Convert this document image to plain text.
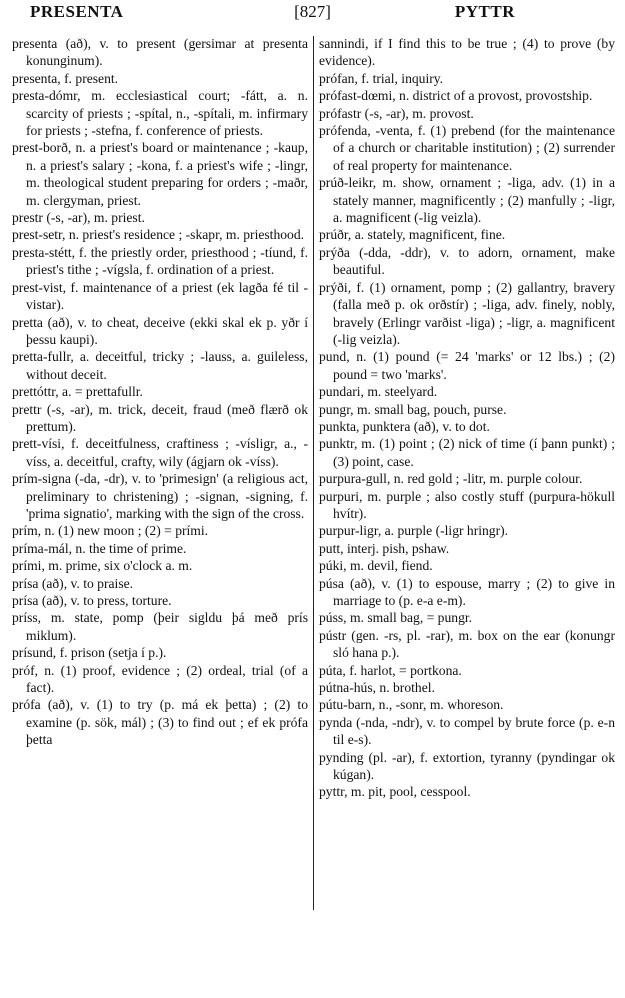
PRESENTA	[827]	PYTTR

presenta (að), v. to present (gersimar at presenta konunginum).

presenta, f. present.

presta-dómr, m. ecclesiastical court; -fátt, a. n. scarcity of priests ; -spítal, n., -spítali, m. infirmary for priests ; -stefna, f. conference of priests.

prest-borð, n. a priest's board or maintenance ; -kaup, n. a priest's salary ; -kona, f. a priest's wife ; -lingr, m. theological student preparing for orders ; -maðr, m. clergyman, priest.

prestr (-s, -ar), m. priest.

prest-setr, n. priest's residence ; -skapr, m. priesthood.

presta-stétt, f. the priestly order, priesthood ; -tíund, f. priest's tithe ; -vígsla, f. ordination of a priest.

prest-vist, f. maintenance of a priest (ek lagða fé til -vistar).

pretta (að), v. to cheat, deceive (ekki skal ek p. yðr í þessu kaupi).

pretta-fullr, a. deceitful, tricky ; -lauss, a. guileless, without deceit.

prettóttr, a. = prettafullr.

prettr (-s, -ar), m. trick, deceit, fraud (með flærð ok prettum).

prett-vísi, f. deceitfulness, craftiness ; -vísligr, a., -víss, a. deceitful, crafty, wily (ágjarn ok -víss).

prím-signa (-da, -dr), v. to 'primesign' (a religious act, preliminary to christening) ; -signan, -signing, f. 'prima signatio', marking with the sign of the cross.

prím, n. (1) new moon ; (2) = prími.

príma-mál, n. the time of prime.

prími, m. prime, six o'clock a. m.

prísa (að), v. to praise.

prísa (að), v. to press, torture.

príss, m. state, pomp (þeir sigldu þá með prís miklum).

prísund, f. prison (setja í p.).

próf, n. (1) proof, evidence ; (2) ordeal, trial (of a fact).

prófa (að), v. (1) to try (p. má ek þetta) ; (2) to examine (p. sök, mál) ; (3) to find out ; ef ek prófa þetta

sannindi, if I find this to be true ; (4) to prove (by evidence).

prófan, f. trial, inquiry.

prófast-dœmi, n. district of a provost, provostship.

prófastr (-s, -ar), m. provost.

prófenda, -venta, f. (1) prebend (for the maintenance of a church or charitable institution) ; (2) surrender of real property for maintenance.

prúð-leikr, m. show, ornament ; -liga, adv. (1) in a stately manner, magnificently ; (2) manfully ; -ligr, a. magnificent (-lig veizla).

prúðr, a. stately, magnificent, fine.

prýða (-dda, -ddr), v. to adorn, ornament, make beautiful.

prýði, f. (1) ornament, pomp ; (2) gallantry, bravery (falla með p. ok orðstír) ; -liga, adv. finely, nobly, bravely (Erlingr varðist -liga) ; -ligr, a. magnificent (-lig veizla).

pund, n. (1) pound (= 24 'marks' or 12 lbs.) ; (2) pound = two 'marks'.

pundari, m. steelyard.

pungr, m. small bag, pouch, purse.

punkta, punktera (að), v. to dot.

punktr, m. (1) point ; (2) nick of time (í þann punkt) ; (3) point, case.

purpura-gull, n. red gold ; -litr, m. purple colour.

purpuri, m. purple ; also costly stuff (purpura-hökull hvítr).

purpur-ligr, a. purple (-ligr hringr).

putt, interj. pish, pshaw.

púki, m. devil, fiend.

púsa (að), v. (1) to espouse, marry ; (2) to give in marriage to (p. e-a e-m).

púss, m. small bag, = pungr.

pústr (gen. -rs, pl. -rar), m. box on the ear (konungr sló hana p.).

púta, f. harlot, = portkona.

pútna-hús, n. brothel.

pútu-barn, n., -sonr, m. whoreson.

pynda (-nda, -ndr), v. to compel by brute force (p. e-n til e-s).

pynding (pl. -ar), f. extortion, tyranny (pyndingar ok kúgan).

pyttr, m. pit, pool, cesspool.
